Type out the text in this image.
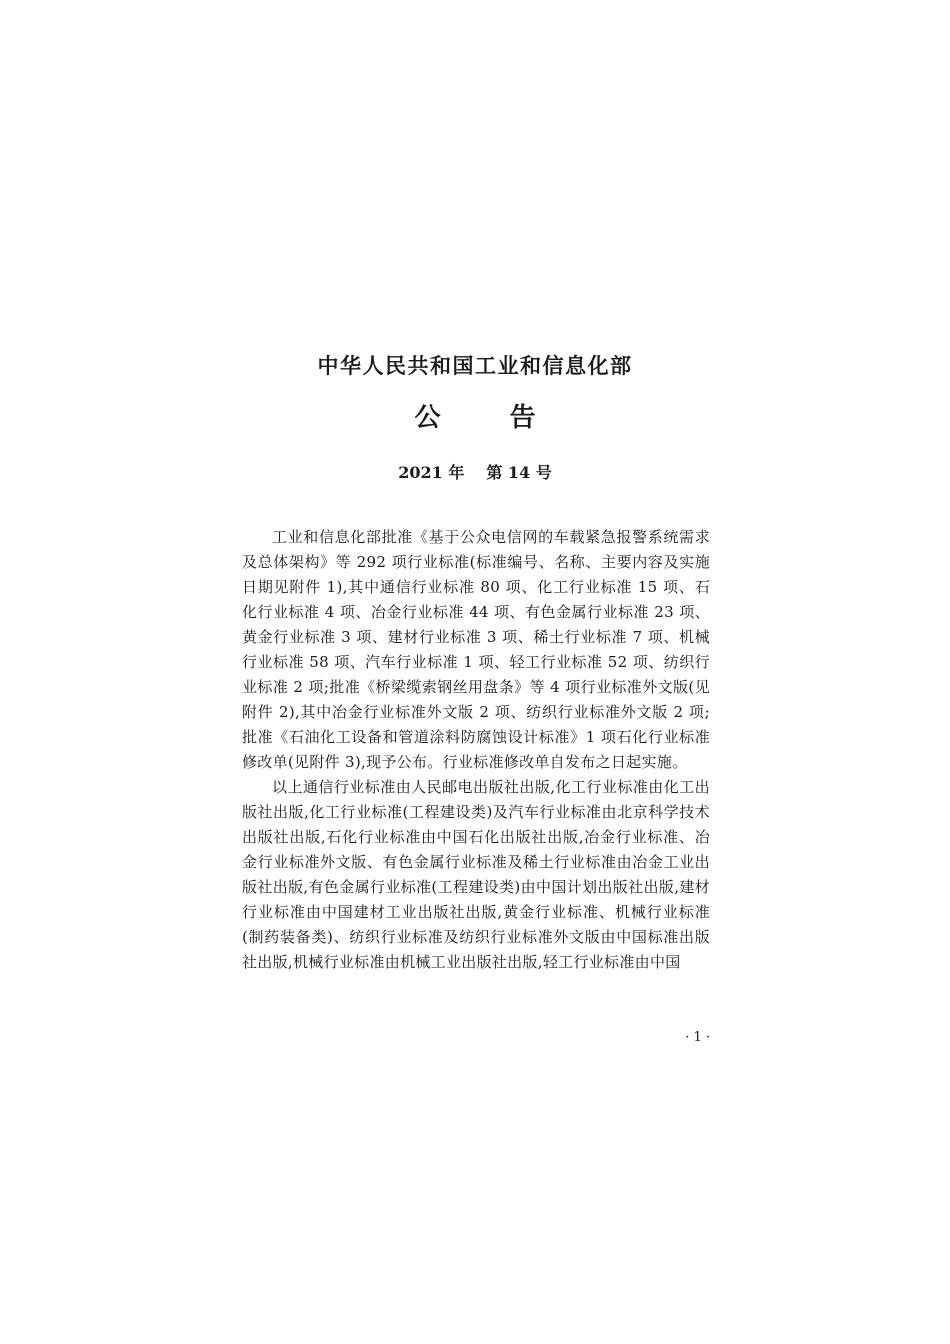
中华人民共和国工业和信息化部
公 告
2021 年 第 14 号

工业和信息化部批准《基于公众电信网的车载紧急报警系统需求及总体架构》等 292 项行业标准(标准编号、名称、主要内容及实施日期见附件 1),其中通信行业标准 80 项、化工行业标准 15 项、石化行业标准 4 项、冶金行业标准 44 项、有色金属行业标准 23 项、黄金行业标准 3 项、建材行业标准 3 项、稀土行业标准 7 项、机械行业标准 58 项、汽车行业标准 1 项、轻工行业标准 52 项、纺织行业标准 2 项;批准《桥梁缆索钢丝用盘条》等 4 项行业标准外文版(见附件 2),其中冶金行业标准外文版 2 项、纺织行业标准外文版 2 项;批准《石油化工设备和管道涂料防腐蚀设计标准》1 项石化行业标准修改单(见附件 3),现予公布。行业标准修改单自发布之日起实施。

以上通信行业标准由人民邮电出版社出版,化工行业标准由化工出版社出版,化工行业标准(工程建设类)及汽车行业标准由北京科学技术出版社出版,石化行业标准由中国石化出版社出版,冶金行业标准、冶金行业标准外文版、有色金属行业标准及稀土行业标准由冶金工业出版社出版,有色金属行业标准(工程建设类)由中国计划出版社出版,建材行业标准由中国建材工业出版社出版,黄金行业标准、机械行业标准(制药装备类)、纺织行业标准及纺织行业标准外文版由中国标准出版社出版,机械行业标准由机械工业出版社出版,轻工行业标准由中国

· 1 ·
